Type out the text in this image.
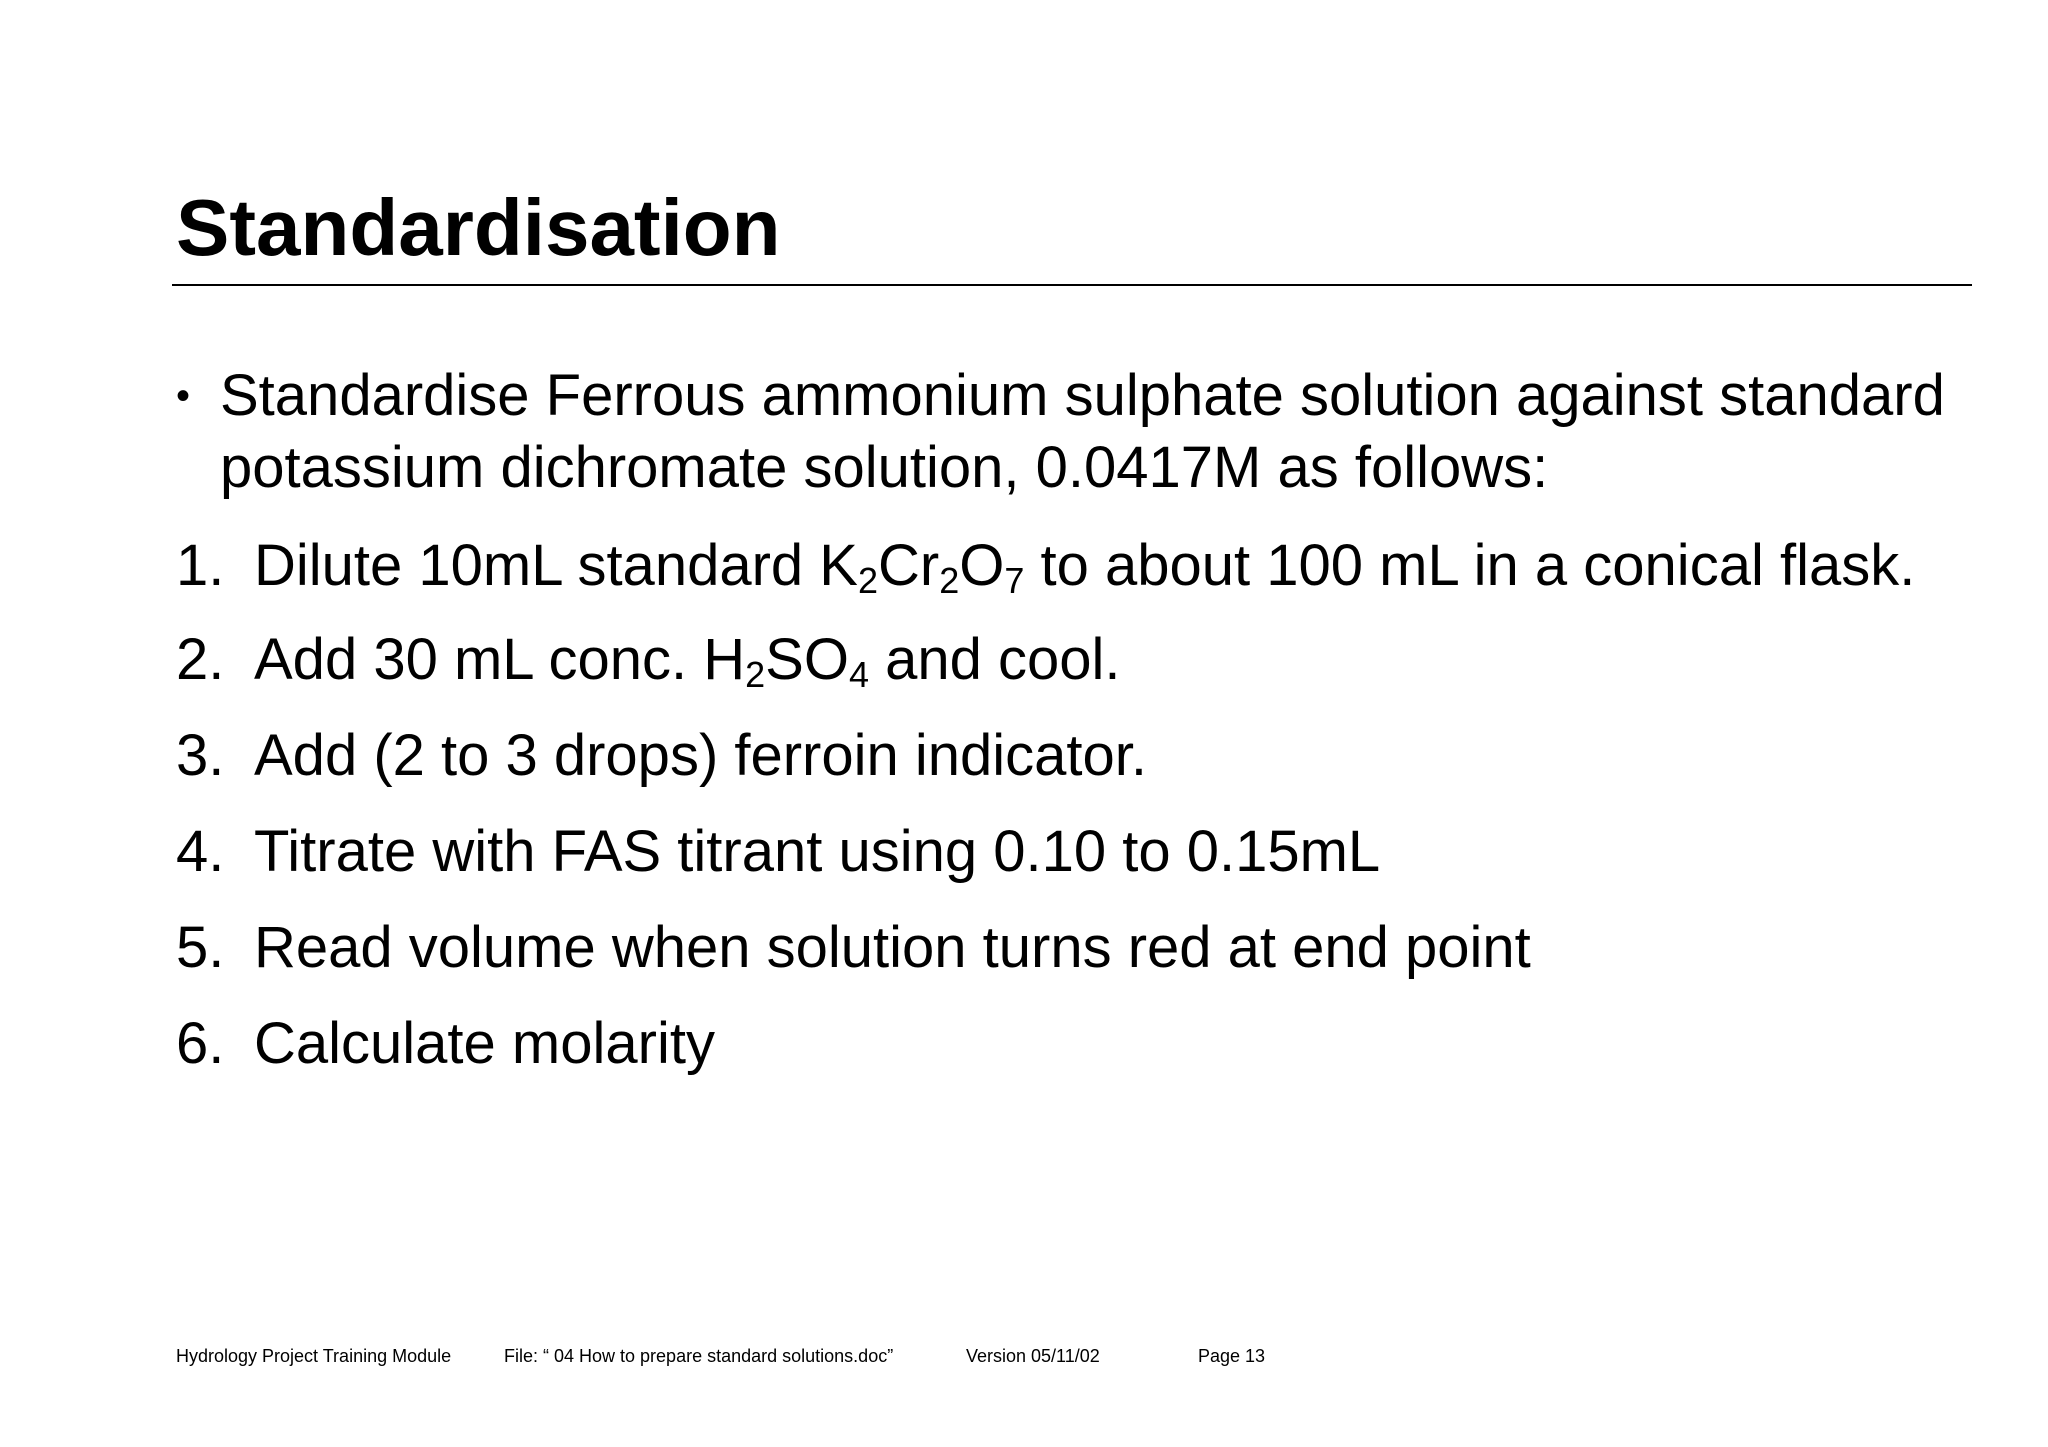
Standardisation
• Standardise Ferrous ammonium sulphate solution against standard potassium dichromate solution, 0.0417M as follows:
1. Dilute 10mL standard $K_2Cr_2O_7$ to about 100 mL in a conical flask.
2. Add 30 mL conc. $H_2SO_4$ and cool.
3. Add (2 to 3 drops) ferroin indicator.
4. Titrate with FAS titrant using 0.10 to 0.15mL
5. Read volume when solution turns red at end point
6. Calculate molarity
Hydrology Project Training Module	File: “ 04 How to prepare standard solutions.doc”	Version 05/11/02	Page 13
